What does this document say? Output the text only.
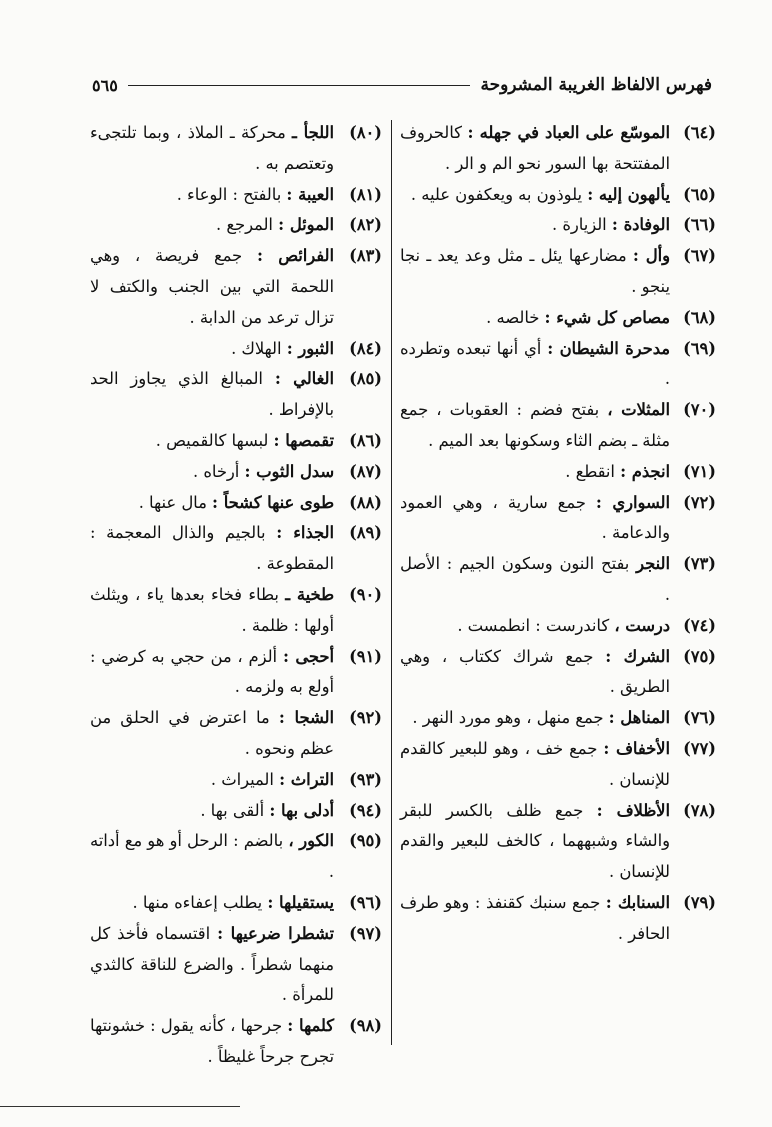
فهرس الالفاظ الغريبة المشروحة
٥٦٥
(٦٤)
الموسّع على العباد في جهله : كالحروف المفتتحة بها السور نحو الم و الر .
(٦٥)
يألهون إليه : يلوذون به ويعكفون عليه .
(٦٦)
الوفادة : الزيارة .
(٦٧)
وأل : مضارعها يئل ـ مثل وعد يعد ـ نجا ينجو .
(٦٨)
مصاص كل شيء : خالصه .
(٦٩)
مدحرة الشيطان : أي أنها تبعده وتطرده .
(٧٠)
المثلات ، بفتح فضم : العقوبات ، جمع مثلة ـ بضم الثاء وسكونها بعد الميم .
(٧١)
انجذم : انقطع .
(٧٢)
السواري : جمع سارية ، وهي العمود والدعامة .
(٧٣)
النجر بفتح النون وسكون الجيم : الأصل .
(٧٤)
درست ، كاندرست : انطمست .
(٧٥)
الشرك : جمع شراك ككتاب ، وهي الطريق .
(٧٦)
المناهل : جمع منهل ، وهو مورد النهر .
(٧٧)
الأخفاف : جمع خف ، وهو للبعير كالقدم للإنسان .
(٧٨)
الأظلاف : جمع ظلف بالكسر للبقر والشاء وشبههما ، كالخف للبعير والقدم للإنسان .
(٧٩)
السنابك : جمع سنبك كقنفذ : وهو طرف الحافر .
(٨٠)
اللجأ ـ محركة ـ الملاذ ، وبما تلتجىء وتعتصم به .
(٨١)
العيبة : بالفتح : الوعاء .
(٨٢)
الموئل : المرجع .
(٨٣)
الفرائص : جمع فريصة ، وهي اللحمة التي بين الجنب والكتف لا تزال ترعد من الدابة .
(٨٤)
الثبور : الهلاك .
(٨٥)
الغالي : المبالغ الذي يجاوز الحد بالإفراط .
(٨٦)
تقمصها : لبسها كالقميص .
(٨٧)
سدل الثوب : أرخاه .
(٨٨)
طوى عنها كشحاً : مال عنها .
(٨٩)
الجذاء : بالجيم والذال المعجمة : المقطوعة .
(٩٠)
طخية ـ بطاء فخاء بعدها ياء ، ويثلث أولها : ظلمة .
(٩١)
أحجى : ألزم ، من حجي به كرضي : أولع به ولزمه .
(٩٢)
الشجا : ما اعترض في الحلق من عظم ونحوه .
(٩٣)
التراث : الميراث .
(٩٤)
أدلى بها : ألقى بها .
(٩٥)
الكور ، بالضم : الرحل أو هو مع أداته .
(٩٦)
يستقيلها : يطلب إعفاءه منها .
(٩٧)
تشطرا ضرعيها : اقتسماه فأخذ كل منهما شطراً . والضرع للناقة كالثدي للمرأة .
(٩٨)
كلمها : جرحها ، كأنه يقول : خشونتها تجرح جرحاً غليظاً .
